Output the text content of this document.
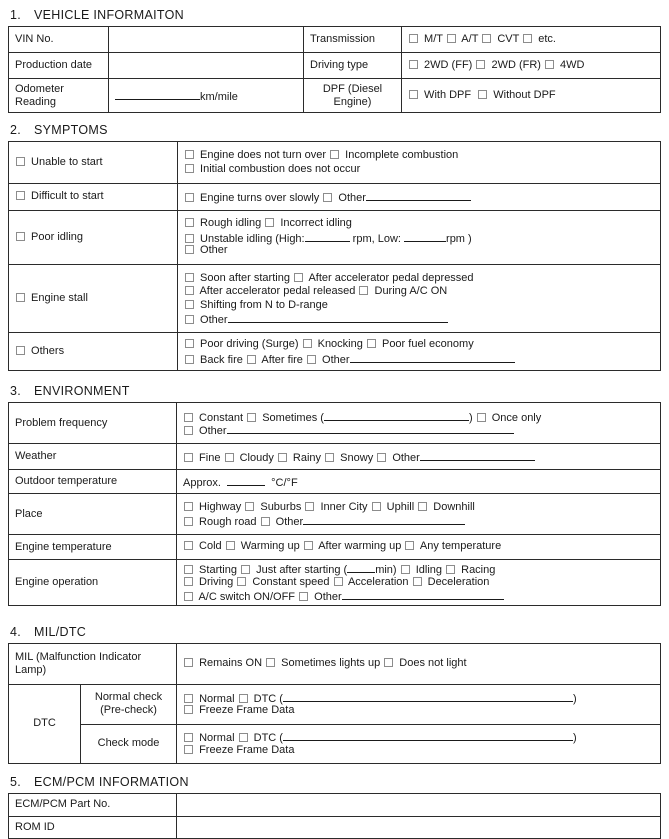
1. VEHICLE INFORMAITON
VIN No.		Transmission	M/T  A/T  CVT  etc.

Production date		Driving type	2WD (FF)  2WD (FR)  4WD

Odometer Reading	km/mile	DPF (Diesel Engine)	With DPF   Without DPF
2. SYMPTOMS
Unable to start	Engine does not turn over  Incomplete combustion
Initial combustion does not occur

Difficult to start	Engine turns over slowly  Other

Poor idling	Rough idling  Incorrect idling
Unstable idling (High: rpm, Low: rpm )
Other

Engine stall	Soon after starting  After accelerator pedal depressed
After accelerator pedal released  During A/C ON
Shifting from N to D-range
Other

Others	Poor driving (Surge)  Knocking  Poor fuel economy
Back fire  After fire  Other
3. ENVIRONMENT
Problem frequency	Constant  Sometimes ( )  Once only
Other

Weather	Fine  Cloudy  Rainy  Snowy  Other

Outdoor temperature	Approx. °C/°F

Place	Highway  Suburbs  Inner City  Uphill  Downhill
Rough road  Other

Engine temperature	Cold  Warming up  After warming up  Any temperature

Engine operation	Starting  Just after starting ( min)  Idling  Racing
Driving  Constant speed  Acceleration  Deceleration
A/C switch ON/OFF  Other
4. MIL/DTC
MIL (Malfunction Indicator Lamp)		Remains ON  Sometimes lights up  Does not light

DTC	Normal check (Pre-check)	Normal  DTC ( )
Freeze Frame Data

	Check mode	Normal  DTC ( )
Freeze Frame Data
5. ECM/PCM INFORMATION
ECM/PCM Part No.	
ROM ID	
